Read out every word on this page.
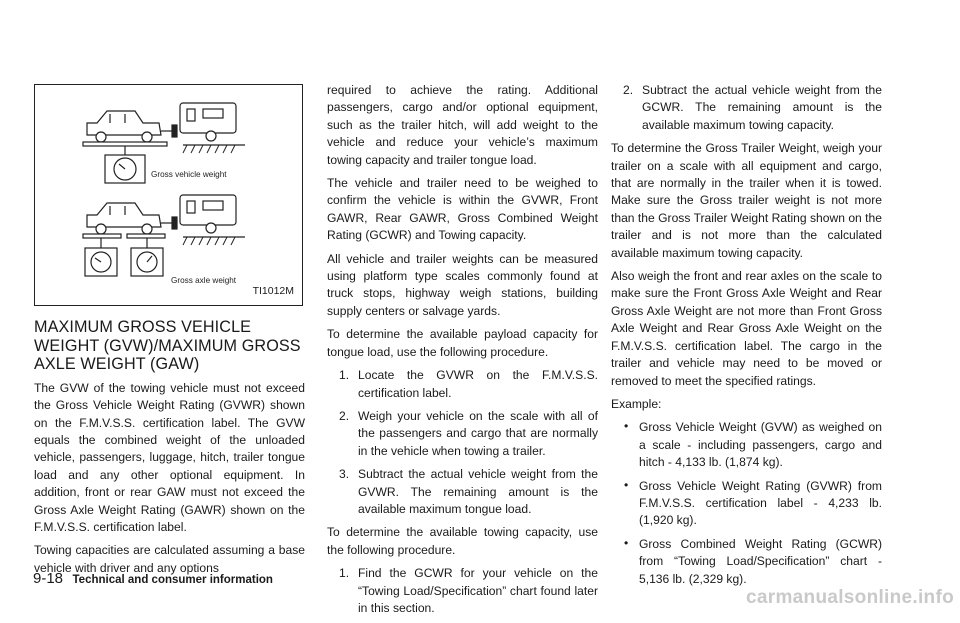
Gross vehicle weight
Gross axle weight
TI1012M
MAXIMUM GROSS VEHICLE WEIGHT (GVW)/MAXIMUM GROSS AXLE WEIGHT (GAW)

The GVW of the towing vehicle must not exceed the Gross Vehicle Weight Rating (GVWR) shown on the F.M.V.S.S. certification label. The GVW equals the combined weight of the unloaded vehicle, passengers, luggage, hitch, trailer tongue load and any other optional equipment. In addition, front or rear GAW must not exceed the Gross Axle Weight Rating (GAWR) shown on the F.M.V.S.S. certification label.

Towing capacities are calculated assuming a base vehicle with driver and any options

required to achieve the rating. Additional passengers, cargo and/or optional equipment, such as the trailer hitch, will add weight to the vehicle and reduce your vehicle’s maximum towing capacity and trailer tongue load.

The vehicle and trailer need to be weighed to confirm the vehicle is within the GVWR, Front GAWR, Rear GAWR, Gross Combined Weight Rating (GCWR) and Towing capacity.

All vehicle and trailer weights can be measured using platform type scales commonly found at truck stops, highway weigh stations, building supply centers or salvage yards.

To determine the available payload capacity for tongue load, use the following procedure.

1. Locate the GVWR on the F.M.V.S.S. certification label.
2. Weigh your vehicle on the scale with all of the passengers and cargo that are normally in the vehicle when towing a trailer.
3. Subtract the actual vehicle weight from the GVWR. The remaining amount is the available maximum tongue load.

To determine the available towing capacity, use the following procedure.

1. Find the GCWR for your vehicle on the “Towing Load/Specification” chart found later in this section.
2. Subtract the actual vehicle weight from the GCWR. The remaining amount is the available maximum towing capacity.

To determine the Gross Trailer Weight, weigh your trailer on a scale with all equipment and cargo, that are normally in the trailer when it is towed. Make sure the Gross trailer weight is not more than the Gross Trailer Weight Rating shown on the trailer and is not more than the calculated available maximum towing capacity.

Also weigh the front and rear axles on the scale to make sure the Front Gross Axle Weight and Rear Gross Axle Weight are not more than Front Gross Axle Weight and Rear Gross Axle Weight on the F.M.V.S.S. certification label. The cargo in the trailer and vehicle may need to be moved or removed to meet the specified ratings.

Example:

• Gross Vehicle Weight (GVW) as weighed on a scale - including passengers, cargo and hitch - 4,133 lb. (1,874 kg).
• Gross Vehicle Weight Rating (GVWR) from F.M.V.S.S. certification label - 4,233 lb. (1,920 kg).
• Gross Combined Weight Rating (GCWR) from “Towing Load/Specification” chart - 5,136 lb. (2,329 kg).
9-18 Technical and consumer information
carmanualsonline.info
